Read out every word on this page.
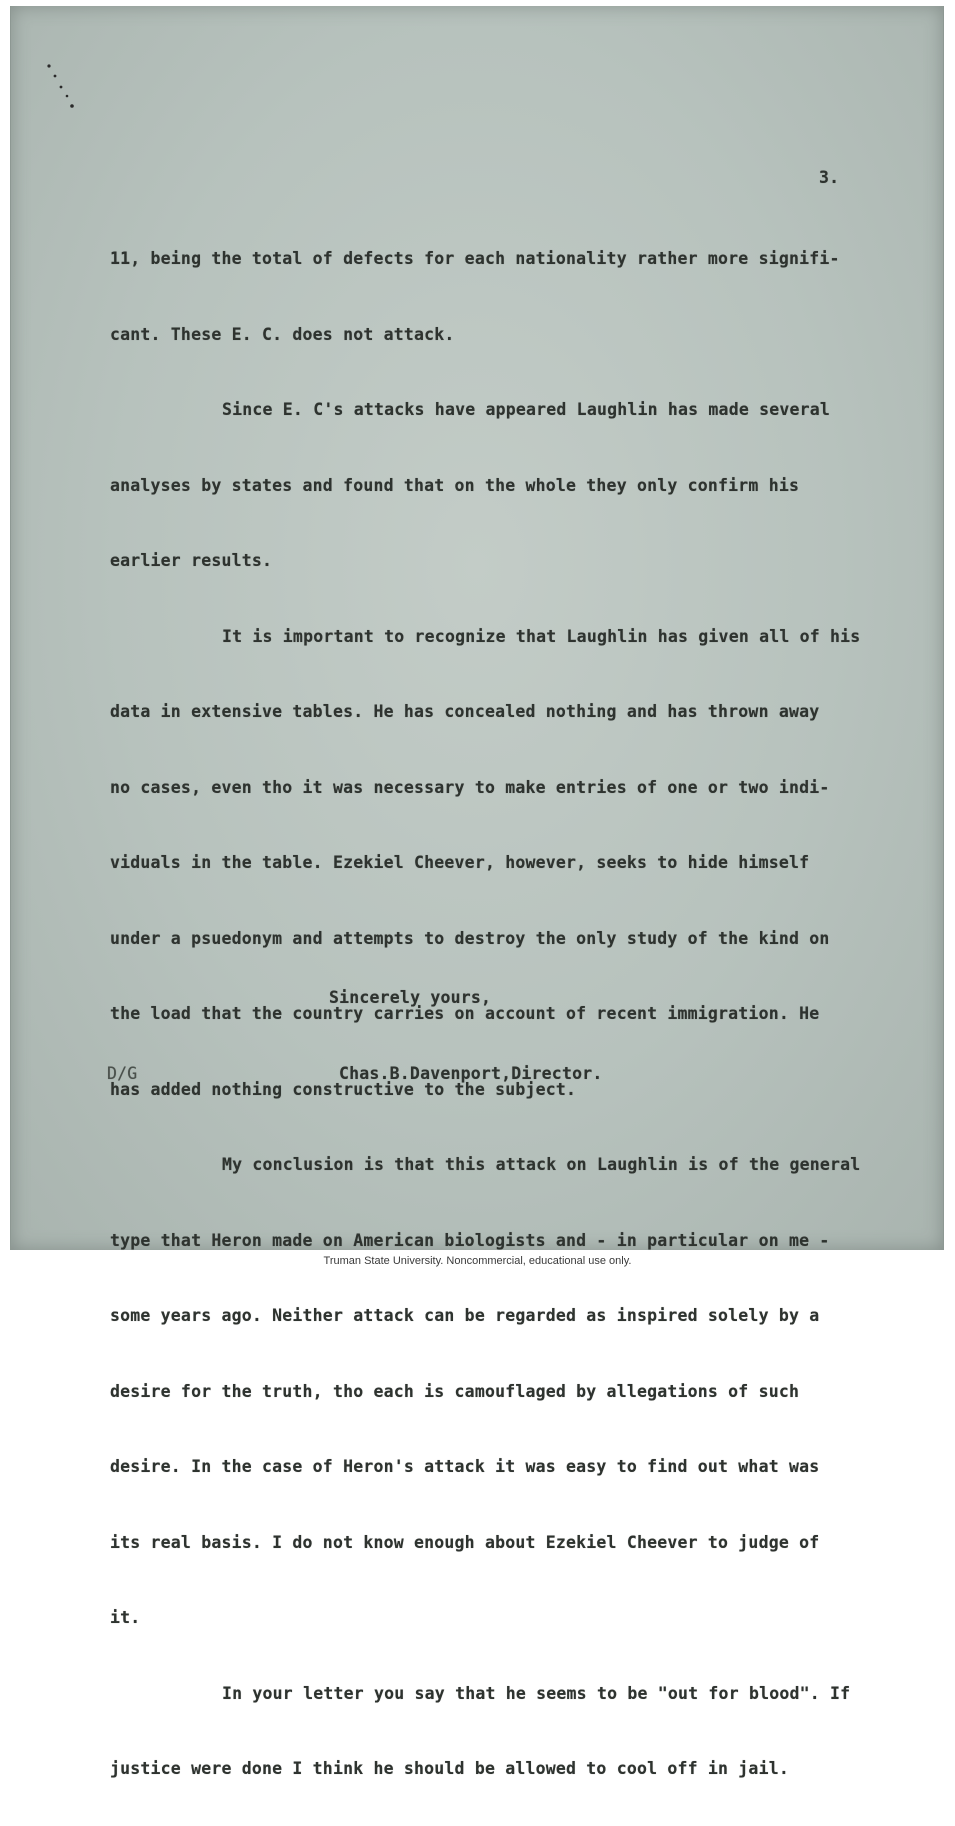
3.

11, being the total of defects for each nationality rather more signifi-

cant. These E. C. does not attack.

Since E. C's attacks have appeared Laughlin has made several

analyses by states and found that on the whole they only confirm his

earlier results.

It is important to recognize that Laughlin has given all of his

data in extensive tables. He has concealed nothing and has thrown away

no cases, even tho it was necessary to make entries of one or two indi-

viduals in the table. Ezekiel Cheever, however, seeks to hide himself

under a psuedonym and attempts to destroy the only study of the kind on

the load that the country carries on account of recent immigration. He

has added nothing constructive to the subject.

My conclusion is that this attack on Laughlin is of the general

type that Heron made on American biologists and - in particular on me -

some years ago. Neither attack can be regarded as inspired solely by a

desire for the truth, tho each is camouflaged by allegations of such

desire. In the case of Heron's attack it was easy to find out what was

its real basis. I do not know enough about Ezekiel Cheever to judge of

it.

In your letter you say that he seems to be "out for blood". If

justice were done I think he should be allowed to cool off in jail.

Sincerely yours,
D/G	Chas.B.Davenport,Director.
Truman State University. Noncommercial, educational use only.
